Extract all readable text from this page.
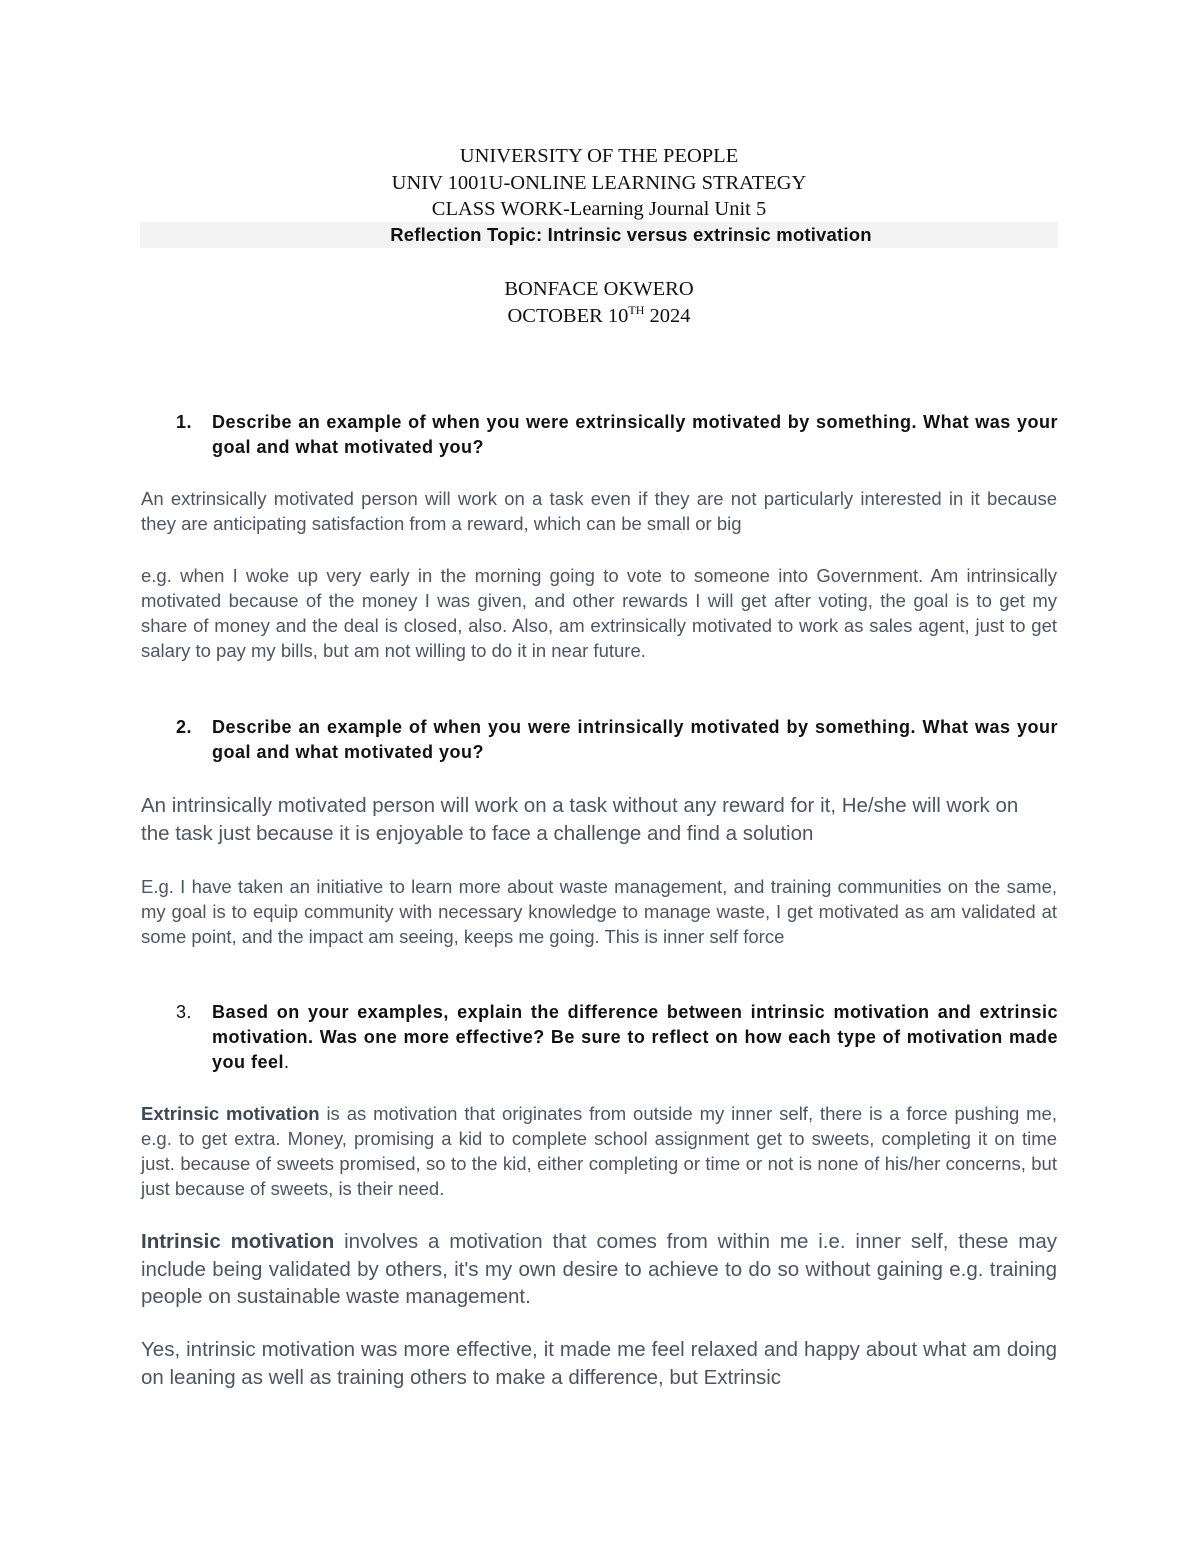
UNIVERSITY OF THE PEOPLE
UNIV 1001U-ONLINE LEARNING STRATEGY
CLASS WORK-Learning Journal Unit 5
Reflection Topic: Intrinsic versus extrinsic motivation
BONFACE OKWERO
OCTOBER 10TH 2024
1. Describe an example of when you were extrinsically motivated by something. What was your goal and what motivated you?
An extrinsically motivated person will work on a task even if they are not particularly interested in it because they are anticipating satisfaction from a reward, which can be small or big
e.g. when I woke up very early in the morning going to vote to someone into Government. Am intrinsically motivated because of the money I was given, and other rewards I will get after voting, the goal is to get my share of money and the deal is closed, also. Also, am extrinsically motivated to work as sales agent, just to get salary to pay my bills, but am not willing to do it in near future.
2. Describe an example of when you were intrinsically motivated by something. What was your goal and what motivated you?
An intrinsically motivated person will work on a task without any reward for it, He/she will work on the task just because it is enjoyable to face a challenge and find a solution
E.g. I have taken an initiative to learn more about waste management, and training communities on the same, my goal is to equip community with necessary knowledge to manage waste, I get motivated as am validated at some point, and the impact am seeing, keeps me going. This is inner self force
3. Based on your examples, explain the difference between intrinsic motivation and extrinsic motivation. Was one more effective? Be sure to reflect on how each type of motivation made you feel.
Extrinsic motivation is as motivation that originates from outside my inner self, there is a force pushing me, e.g. to get extra. Money, promising a kid to complete school assignment get to sweets, completing it on time just. because of sweets promised, so to the kid, either completing or time or not is none of his/her concerns, but just because of sweets, is their need.
Intrinsic motivation involves a motivation that comes from within me i.e. inner self, these may include being validated by others, it's my own desire to achieve to do so without gaining e.g. training people on sustainable waste management.
Yes, intrinsic motivation was more effective, it made me feel relaxed and happy about what am doing on leaning as well as training others to make a difference, but Extrinsic
